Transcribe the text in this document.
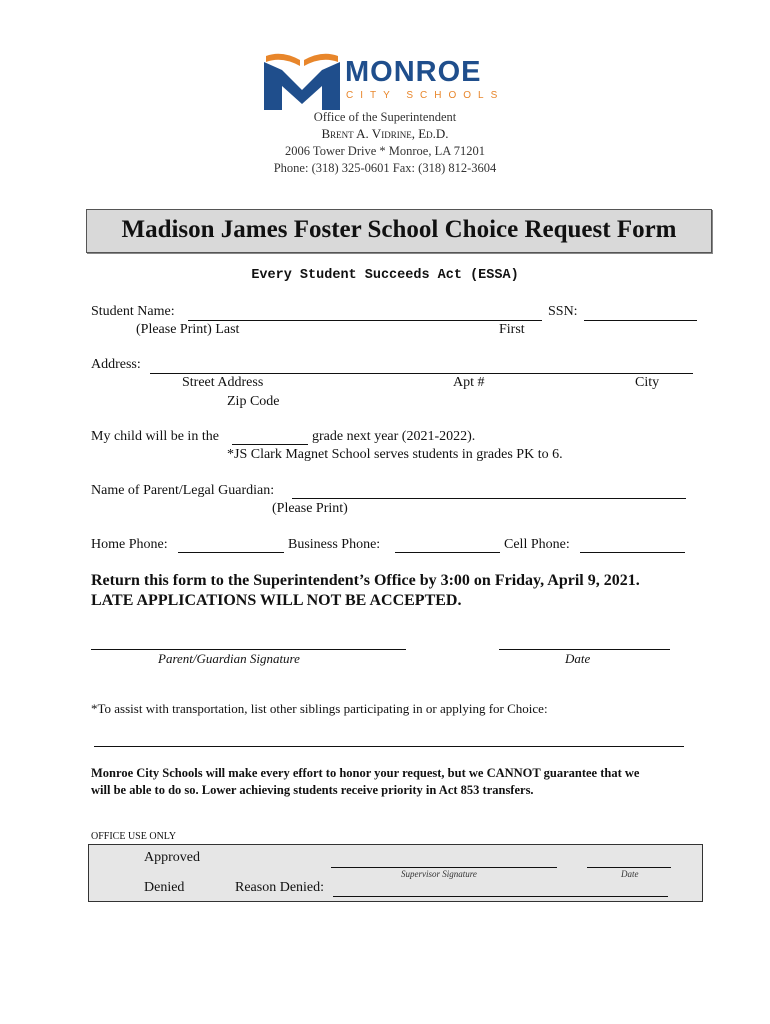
MONROE
CITY SCHOOLS
Office of the Superintendent
Brent A. Vidrine, Ed.D.
2006 Tower Drive * Monroe, LA 71201
Phone: (318) 325-0601 Fax: (318) 812-3604
Madison James Foster School Choice Request Form
Every Student Succeeds Act (ESSA)
Student Name:	SSN:
(Please Print) Last	First
Address:
Street Address	Apt #	City
Zip Code
My child will be in the	grade next year (2021-2022).
*JS Clark Magnet School serves students in grades PK to 6.
Name of Parent/Legal Guardian:
(Please Print)
Home Phone:	Business Phone:	Cell Phone:
Return this form to the Superintendent’s Office by 3:00 on Friday, April 9, 2021.
LATE APPLICATIONS WILL NOT BE ACCEPTED.
Parent/Guardian Signature	Date
*To assist with transportation, list other siblings participating in or applying for Choice:
Monroe City Schools will make every effort to honor your request, but we CANNOT guarantee that we
will be able to do so. Lower achieving students receive priority in Act 853 transfers.
OFFICE USE ONLY
Approved
Supervisor Signature	Date
Denied	Reason Denied:
